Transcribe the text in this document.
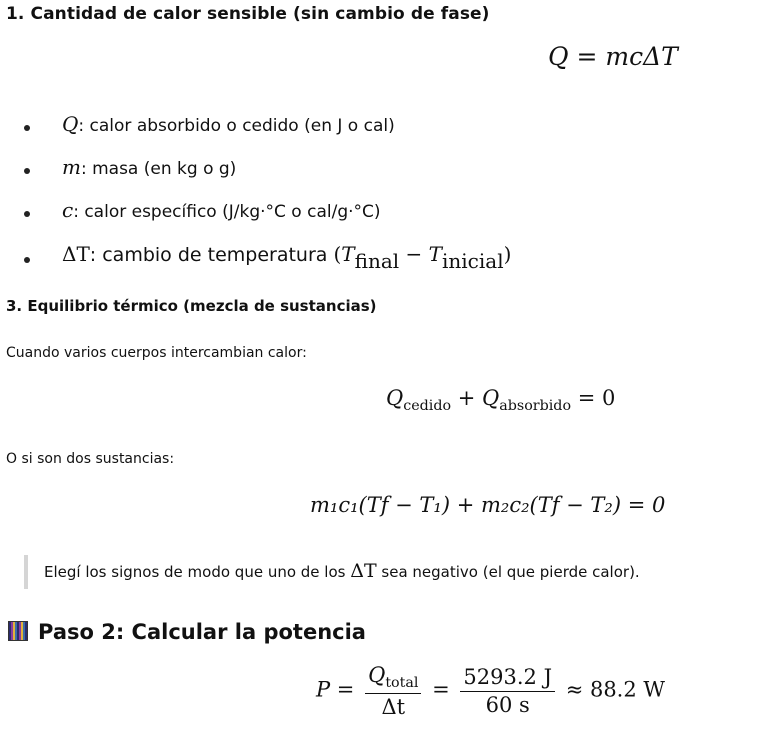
1. Cantidad de calor sensible (sin cambio de fase)
Q = mcΔT
Q: calor absorbido o cedido (en J o cal)
m: masa (en kg o g)
c: calor específico (J/kg·°C o cal/g·°C)
ΔT: cambio de temperatura (Tfinal − Tinicial)
3. Equilibrio térmico (mezcla de sustancias)
Cuando varios cuerpos intercambian calor:
$Q_{cedido} + Q_{absorbido} = 0$
O si son dos sustancias:
m₁c₁(T𝑓 − T₁) + m₂c₂(T𝑓 − T₂) = 0
Elegí los signos de modo que uno de los ΔT sea negativo (el que pierde calor).
Paso 2: Calcular la potencia
$P = \frac{Q_{total}}{\Delta t} = \frac{5293.2 J}{60 s} \approx 88.2$ W
